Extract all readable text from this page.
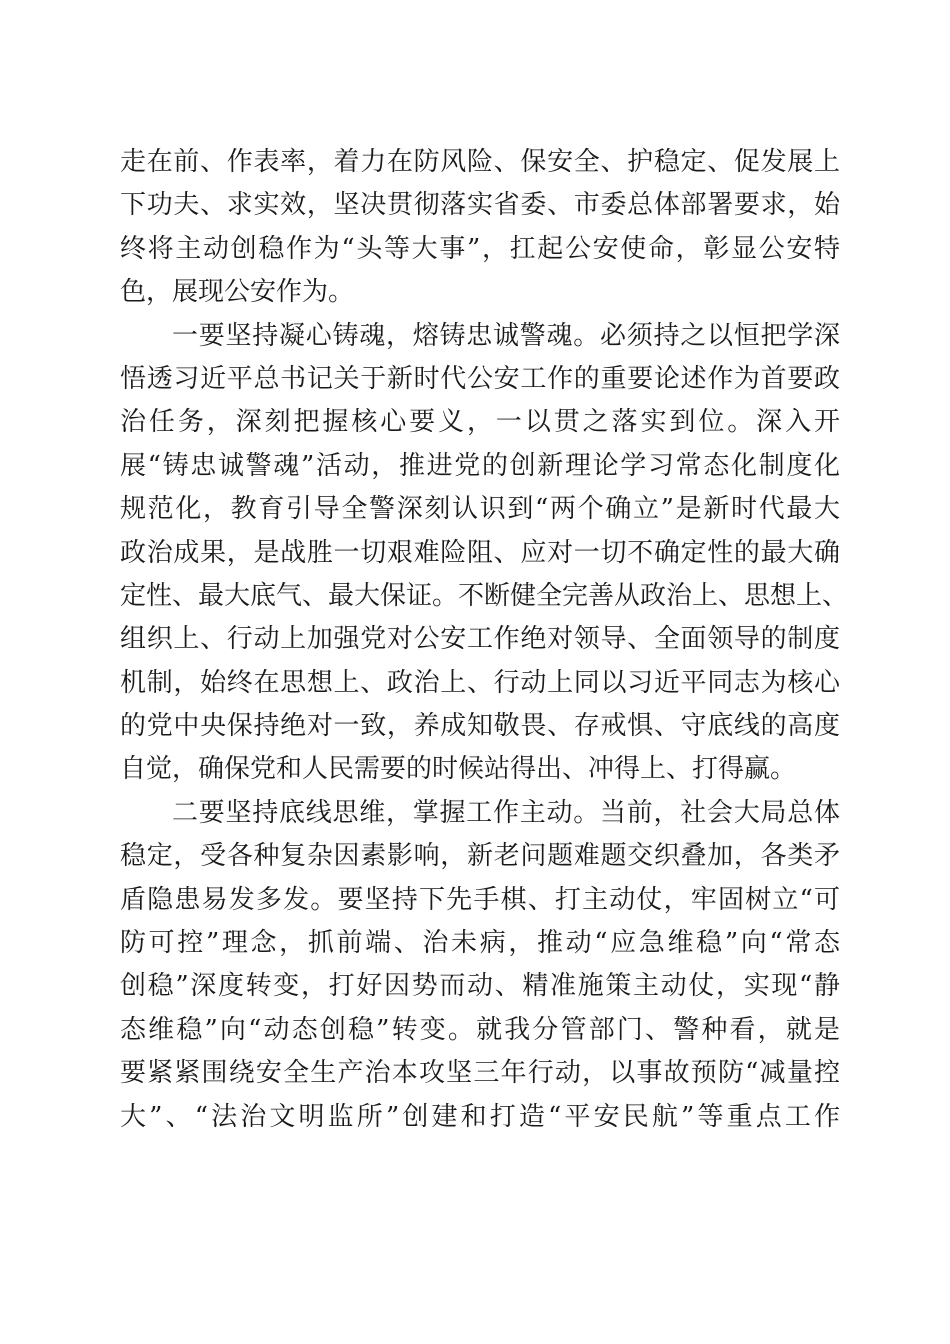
走在前、作表率，着力在防风险、保安全、护稳定、促发展上
下功夫、求实效，坚决贯彻落实省委、市委总体部署要求，始
终将主动创稳作为“头等大事”，扛起公安使命，彰显公安特
色，展现公安作为。
一要坚持凝心铸魂，熔铸忠诚警魂。必须持之以恒把学深
悟透习近平总书记关于新时代公安工作的重要论述作为首要政
治任务，深刻把握核心要义，一以贯之落实到位。深入开
展“铸忠诚警魂”活动，推进党的创新理论学习常态化制度化
规范化，教育引导全警深刻认识到“两个确立”是新时代最大
政治成果，是战胜一切艰难险阻、应对一切不确定性的最大确
定性、最大底气、最大保证。不断健全完善从政治上、思想上、
组织上、行动上加强党对公安工作绝对领导、全面领导的制度
机制，始终在思想上、政治上、行动上同以习近平同志为核心
的党中央保持绝对一致，养成知敬畏、存戒惧、守底线的高度
自觉，确保党和人民需要的时候站得出、冲得上、打得赢。
二要坚持底线思维，掌握工作主动。当前，社会大局总体
稳定，受各种复杂因素影响，新老问题难题交织叠加，各类矛
盾隐患易发多发。要坚持下先手棋、打主动仗，牢固树立“可
防可控”理念，抓前端、治未病，推动“应急维稳”向“常态
创稳”深度转变，打好因势而动、精准施策主动仗，实现“静
态维稳”向“动态创稳”转变。就我分管部门、警种看，就是
要紧紧围绕安全生产治本攻坚三年行动，以事故预防“减量控
大”、“法治文明监所”创建和打造“平安民航”等重点工作
